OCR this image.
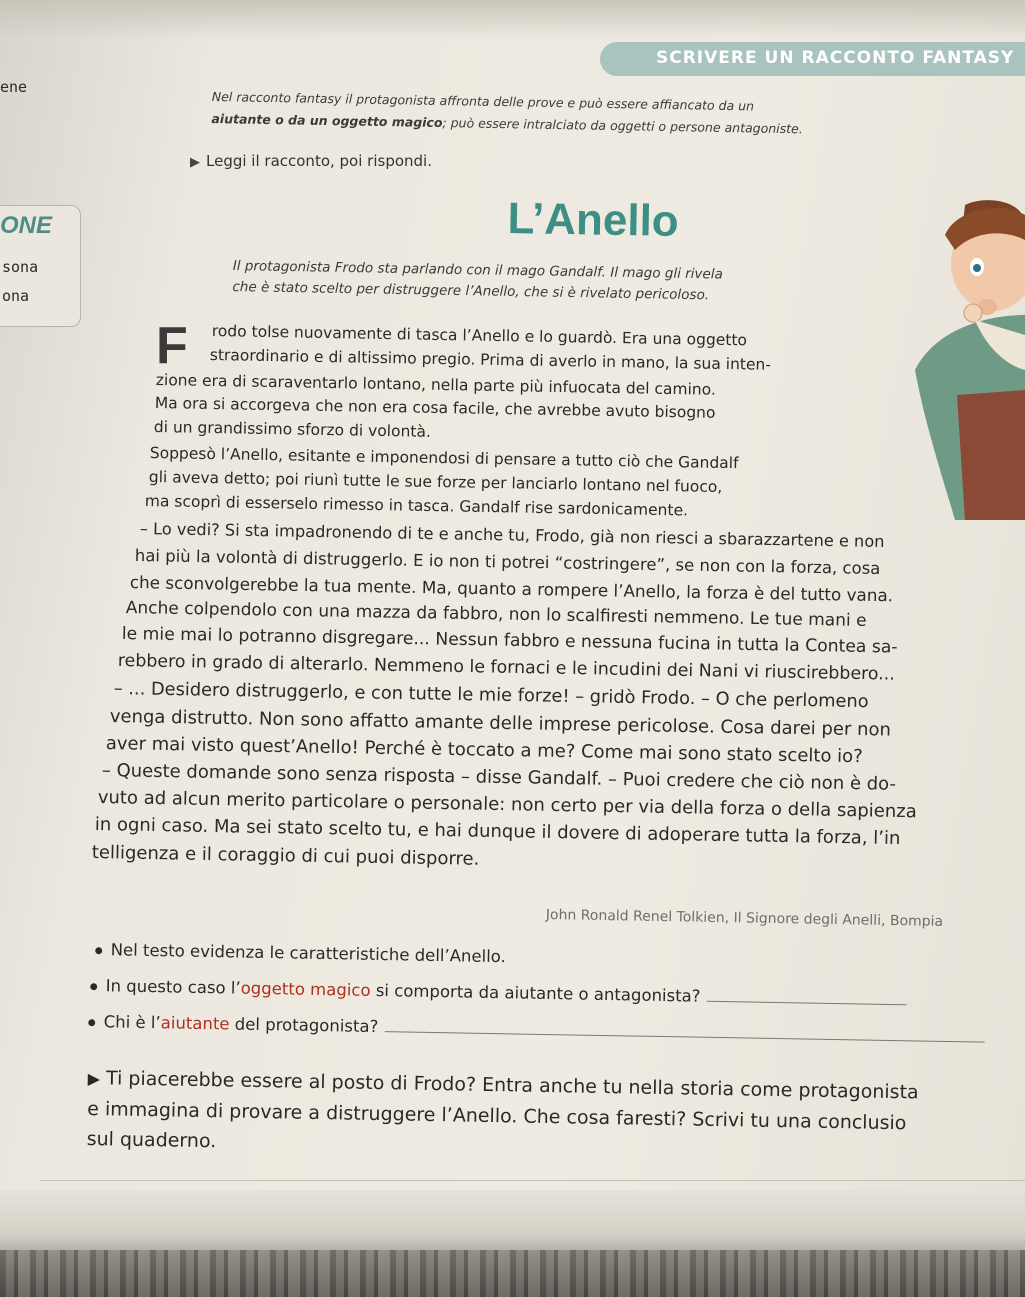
SCRIVERE UN RACCONTO FANTASY
Nel racconto fantasy il protagonista affronta delle prove e può essere affiancato da un
aiutante o da un oggetto magico; può essere intralciato da oggetti o persone antagoniste.
ene
ONE
sona
ona
▶ Leggi il racconto, poi rispondi.
L’Anello
Il protagonista Frodo sta parlando con il mago Gandalf. Il mago gli rivela
che è stato scelto per distruggere l’Anello, che si è rivelato pericoloso.
F rodo tolse nuovamente di tasca l’Anello e lo guardò. Era una oggetto
straordinario e di altissimo pregio. Prima di averlo in mano, la sua inten-
zione era di scaraventarlo lontano, nella parte più infuocata del camino.
Ma ora si accorgeva che non era cosa facile, che avrebbe avuto bisogno
di un grandissimo sforzo di volontà.
Soppesò l’Anello, esitante e imponendosi di pensare a tutto ciò che Gandalf
gli aveva detto; poi riunì tutte le sue forze per lanciarlo lontano nel fuoco,
ma scoprì di esserselo rimesso in tasca. Gandalf rise sardonicamente.
– Lo vedi? Si sta impadronendo di te e anche tu, Frodo, già non riesci a sbarazzartene e non
hai più la volontà di distruggerlo. E io non ti potrei “costringere”, se non con la forza, cosa
che sconvolgerebbe la tua mente. Ma, quanto a rompere l’Anello, la forza è del tutto vana.
Anche colpendolo con una mazza da fabbro, non lo scalfiresti nemmeno. Le tue mani e
le mie mai lo potranno disgregare... Nessun fabbro e nessuna fucina in tutta la Contea sa-
rebbero in grado di alterarlo. Nemmeno le fornaci e le incudini dei Nani vi riuscirebbero...
– ... Desidero distruggerlo, e con tutte le mie forze! – gridò Frodo. – O che perlomeno
venga distrutto. Non sono affatto amante delle imprese pericolose. Cosa darei per non
aver mai visto quest’Anello! Perché è toccato a me? Come mai sono stato scelto io?
– Queste domande sono senza risposta – disse Gandalf. – Puoi credere che ciò non è do-
vuto ad alcun merito particolare o personale: non certo per via della forza o della sapienza
in ogni caso. Ma sei stato scelto tu, e hai dunque il dovere di adoperare tutta la forza, l’in
telligenza e il coraggio di cui puoi disporre.
John Ronald Renel Tolkien, Il Signore degli Anelli, Bompia
● Nel testo evidenza le caratteristiche dell’Anello.
● In questo caso l’oggetto magico si comporta da aiutante o antagonista?
● Chi è l’aiutante del protagonista?
▶ Ti piacerebbe essere al posto di Frodo? Entra anche tu nella storia come protagonista
e immagina di provare a distruggere l’Anello. Che cosa faresti? Scrivi tu una conclusio
sul quaderno.
